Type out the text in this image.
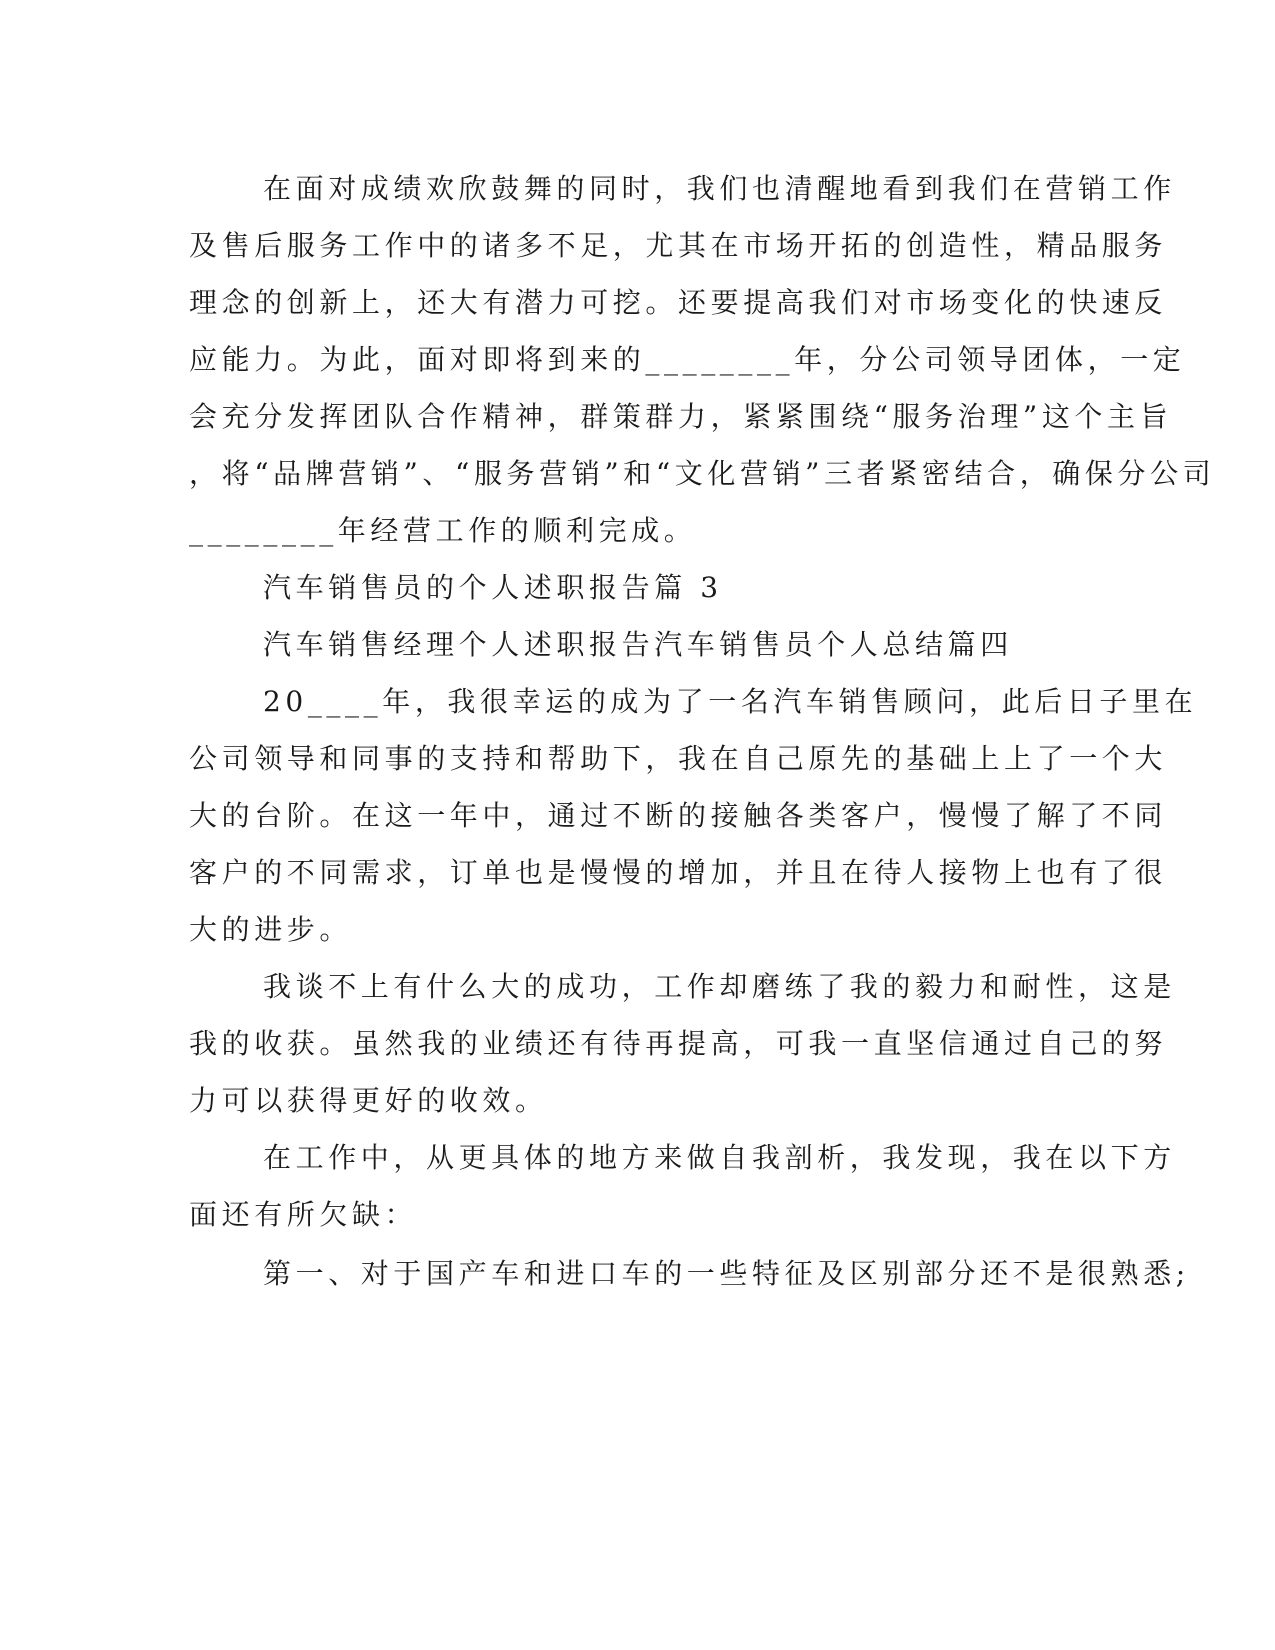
在面对成绩欢欣鼓舞的同时，我们也清醒地看到我们在营销工作
及售后服务工作中的诸多不足，尤其在市场开拓的创造性，精品服务
理念的创新上，还大有潜力可挖。还要提高我们对市场变化的快速反
应能力。为此，面对即将到来的________年，分公司领导团体，一定
会充分发挥团队合作精神，群策群力，紧紧围绕“服务治理”这个主旨
，将“品牌营销”、“服务营销”和“文化营销”三者紧密结合，确保分公司
________年经营工作的顺利完成。
汽车销售员的个人述职报告篇 3
汽车销售经理个人述职报告汽车销售员个人总结篇四
20____年，我很幸运的成为了一名汽车销售顾问，此后日子里在
公司领导和同事的支持和帮助下，我在自己原先的基础上上了一个大
大的台阶。在这一年中，通过不断的接触各类客户，慢慢了解了不同
客户的不同需求，订单也是慢慢的增加，并且在待人接物上也有了很
大的进步。
我谈不上有什么大的成功，工作却磨练了我的毅力和耐性，这是
我的收获。虽然我的业绩还有待再提高，可我一直坚信通过自己的努
力可以获得更好的收效。
在工作中，从更具体的地方来做自我剖析，我发现，我在以下方
面还有所欠缺：
第一、对于国产车和进口车的一些特征及区别部分还不是很熟悉;
